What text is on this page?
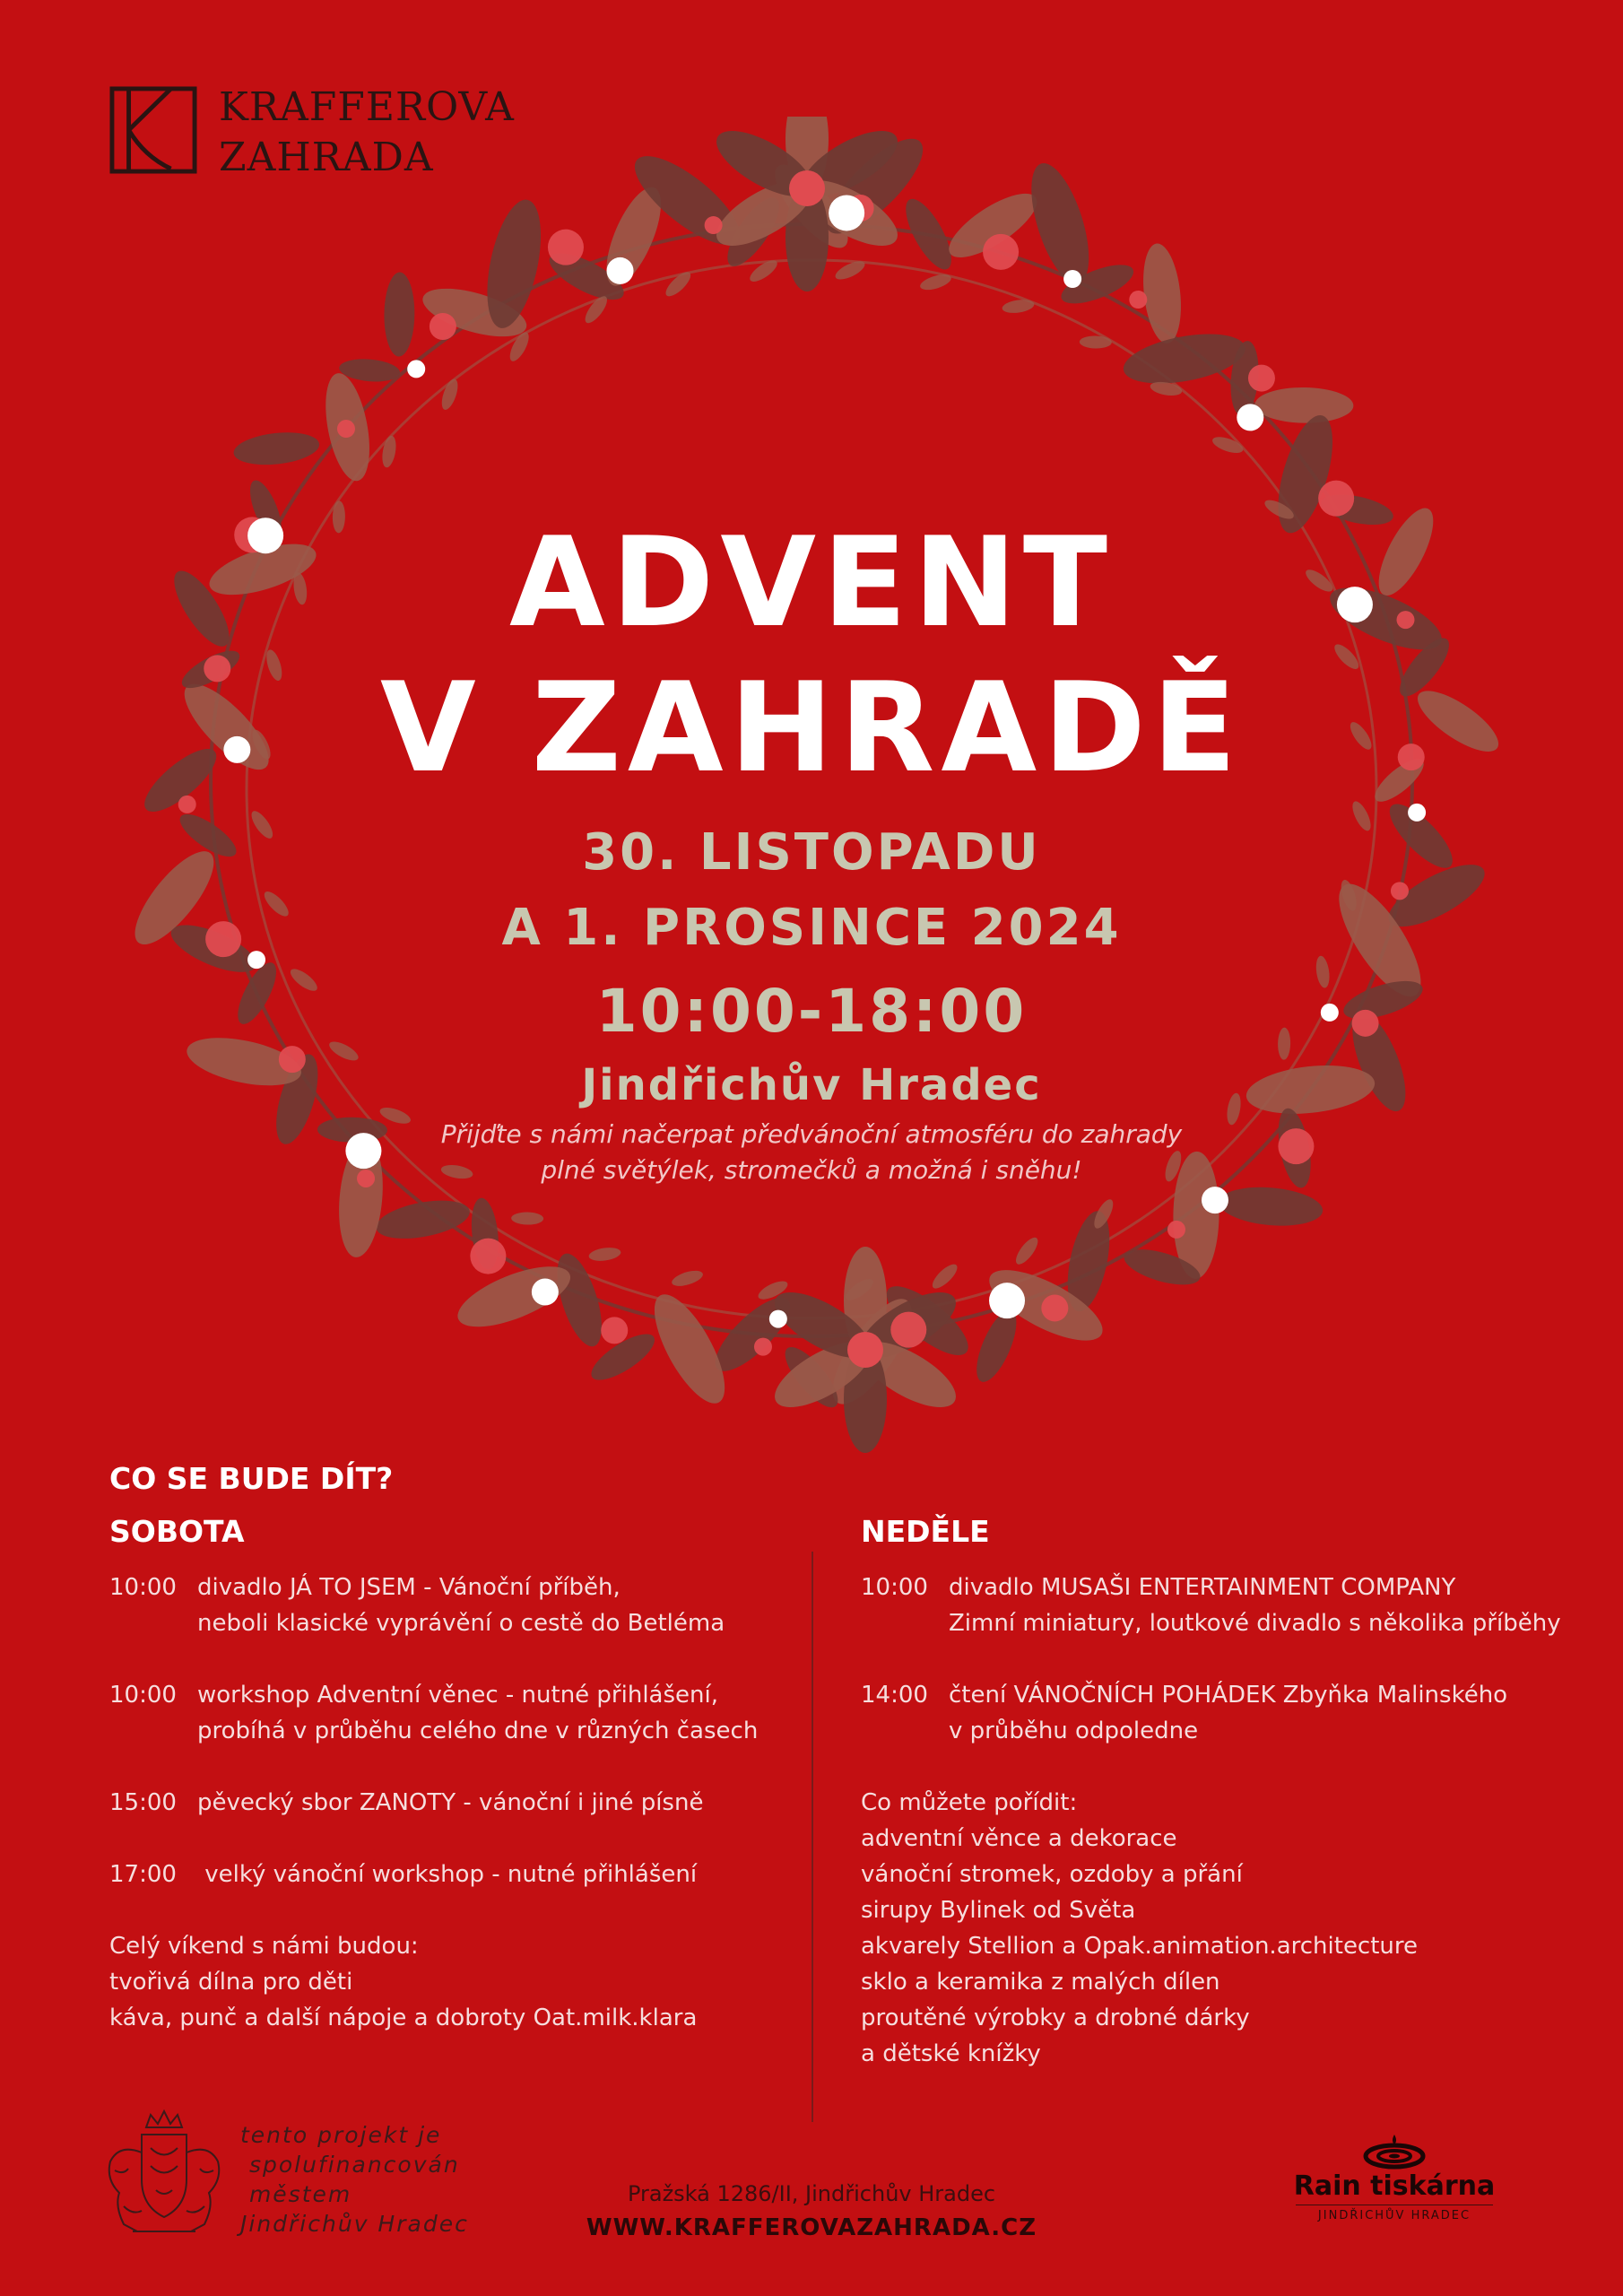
KRAFFEROVA
ZAHRADA
ADVENT
V ZAHRADĚ
30. LISTOPADU
A 1. PROSINCE 2024
10:00-18:00
Jindřichův Hradec
Přijďte s námi načerpat předvánoční atmosféru do zahrady
plné světýlek, stromečků a možná i sněhu!
CO SE BUDE DÍT?
SOBOTA	NEDĚLE
10:00 divadlo JÁ TO JSEM - Vánoční příběh,
neboli klasické vyprávění o cestě do Betléma
10:00 workshop Adventní věnec - nutné přihlášení,
probíhá v průběhu celého dne v různých časech
15:00 pěvecký sbor ZANOTY - vánoční i jiné písně
17:00 velký vánoční workshop - nutné přihlášení
Celý víkend s námi budou:
tvořivá dílna pro děti
káva, punč a další nápoje a dobroty Oat.milk.klara
10:00 divadlo MUSAŠI ENTERTAINMENT COMPANY
Zimní miniatury, loutkové divadlo s několika příběhy
14:00 čtení VÁNOČNÍCH POHÁDEK Zbyňka Malinského
v průběhu odpoledne
Co můžete pořídit:
adventní věnce a dekorace
vánoční stromek, ozdoby a přání
sirupy Bylinek od Světa
akvarely Stellion a Opak.animation.architecture
sklo a keramika z malých dílen
proutěné výrobky a drobné dárky
a dětské knížky
tento projekt je
spolufinancován
městem
Jindřichův Hradec
Pražská 1286/II, Jindřichův Hradec
WWW.KRAFFEROVAZAHRADA.CZ
Rain tiskárna
JINDŘICHŮV HRADEC
